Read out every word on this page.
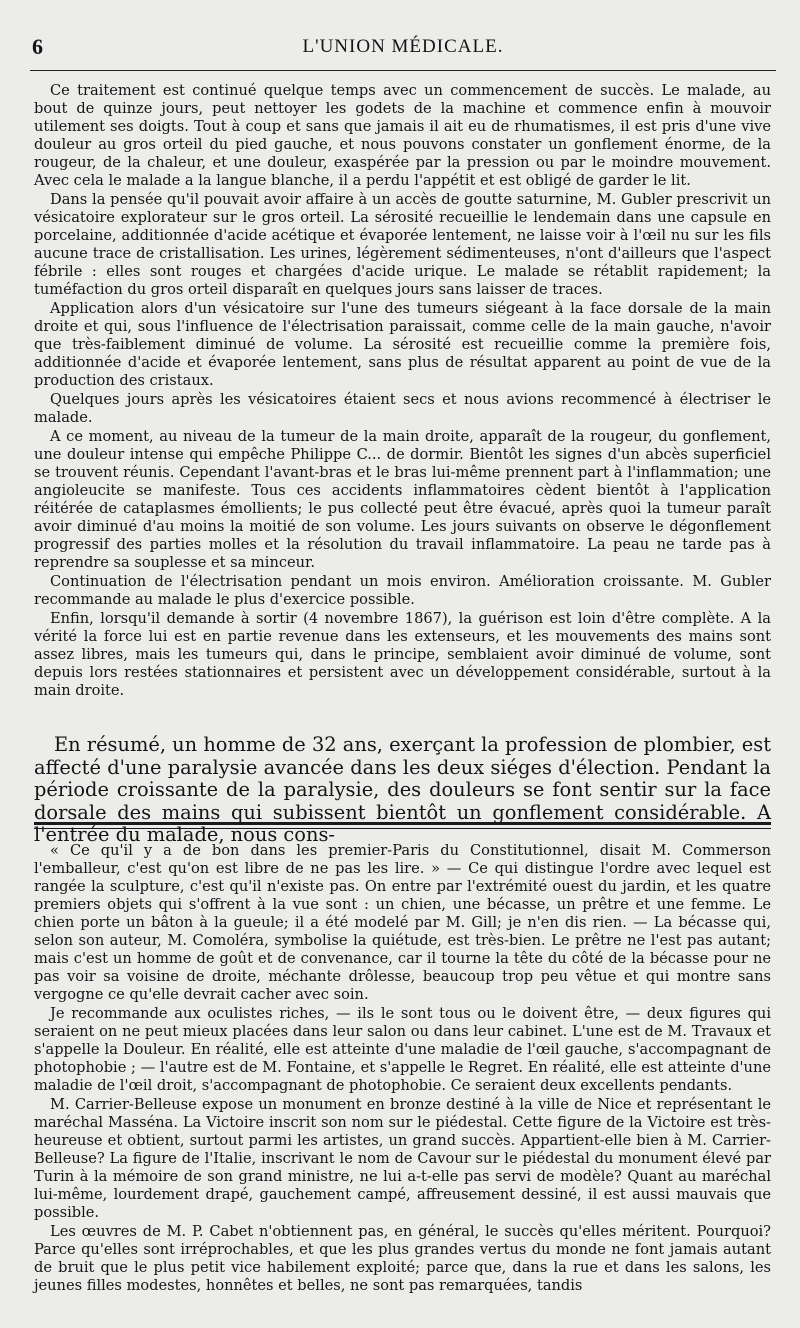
6	L'UNION MÉDICALE.

Ce traitement est continué quelque temps avec un commencement de succès. Le malade, au bout de quinze jours, peut nettoyer les godets de la machine et commence enfin à mouvoir utilement ses doigts. Tout à coup et sans que jamais il ait eu de rhumatismes, il est pris d'une vive douleur au gros orteil du pied gauche, et nous pouvons constater un gonflement énorme, de la rougeur, de la chaleur, et une douleur, exaspérée par la pression ou par le moindre mouvement. Avec cela le malade a la langue blanche, il a perdu l'appétit et est obligé de garder le lit.

Dans la pensée qu'il pouvait avoir affaire à un accès de goutte saturnine, M. Gubler prescrivit un vésicatoire explorateur sur le gros orteil. La sérosité recueillie le lendemain dans une capsule en porcelaine, additionnée d'acide acétique et évaporée lentement, ne laisse voir à l'œil nu sur les fils aucune trace de cristallisation. Les urines, légèrement sédimenteuses, n'ont d'ailleurs que l'aspect fébrile : elles sont rouges et chargées d'acide urique. Le malade se rétablit rapidement; la tuméfaction du gros orteil disparaît en quelques jours sans laisser de traces.

Application alors d'un vésicatoire sur l'une des tumeurs siégeant à la face dorsale de la main droite et qui, sous l'influence de l'électrisation paraissait, comme celle de la main gauche, n'avoir que très-faiblement diminué de volume. La sérosité est recueillie comme la première fois, additionnée d'acide et évaporée lentement, sans plus de résultat apparent au point de vue de la production des cristaux.

Quelques jours après les vésicatoires étaient secs et nous avions recommencé à électriser le malade.

A ce moment, au niveau de la tumeur de la main droite, apparaît de la rougeur, du gonflement, une douleur intense qui empêche Philippe C... de dormir. Bientôt les signes d'un abcès superficiel se trouvent réunis. Cependant l'avant-bras et le bras lui-même prennent part à l'inflammation; une angioleucite se manifeste. Tous ces accidents inflammatoires cèdent bientôt à l'application réitérée de cataplasmes émollients; le pus collecté peut être évacué, après quoi la tumeur paraît avoir diminué d'au moins la moitié de son volume. Les jours suivants on observe le dégonflement progressif des parties molles et la résolution du travail inflammatoire. La peau ne tarde pas à reprendre sa souplesse et sa minceur.

Continuation de l'électrisation pendant un mois environ. Amélioration croissante. M. Gubler recommande au malade le plus d'exercice possible.

Enfin, lorsqu'il demande à sortir (4 novembre 1867), la guérison est loin d'être complète. A la vérité la force lui est en partie revenue dans les extenseurs, et les mouvements des mains sont assez libres, mais les tumeurs qui, dans le principe, semblaient avoir diminué de volume, sont depuis lors restées stationnaires et persistent avec un développement considérable, surtout à la main droite.

En résumé, un homme de 32 ans, exerçant la profession de plombier, est affecté d'une paralysie avancée dans les deux siéges d'élection. Pendant la période croissante de la paralysie, des douleurs se font sentir sur la face dorsale des mains qui subissent bientôt un gonflement considérable. A l'entrée du malade, nous cons-

« Ce qu'il y a de bon dans les premier-Paris du Constitutionnel, disait M. Commerson l'emballeur, c'est qu'on est libre de ne pas les lire. » — Ce qui distingue l'ordre avec lequel est rangée la sculpture, c'est qu'il n'existe pas. On entre par l'extrémité ouest du jardin, et les quatre premiers objets qui s'offrent à la vue sont : un chien, une bécasse, un prêtre et une femme. Le chien porte un bâton à la gueule; il a été modelé par M. Gill; je n'en dis rien. — La bécasse qui, selon son auteur, M. Comoléra, symbolise la quiétude, est très-bien. Le prêtre ne l'est pas autant; mais c'est un homme de goût et de convenance, car il tourne la tête du côté de la bécasse pour ne pas voir sa voisine de droite, méchante drôlesse, beaucoup trop peu vêtue et qui montre sans vergogne ce qu'elle devrait cacher avec soin.

Je recommande aux oculistes riches, — ils le sont tous ou le doivent être, — deux figures qui seraient on ne peut mieux placées dans leur salon ou dans leur cabinet. L'une est de M. Travaux et s'appelle la Douleur. En réalité, elle est atteinte d'une maladie de l'œil gauche, s'accompagnant de photophobie ; — l'autre est de M. Fontaine, et s'appelle le Regret. En réalité, elle est atteinte d'une maladie de l'œil droit, s'accompagnant de photophobie. Ce seraient deux excellents pendants.

M. Carrier-Belleuse expose un monument en bronze destiné à la ville de Nice et représentant le maréchal Masséna. La Victoire inscrit son nom sur le piédestal. Cette figure de la Victoire est très-heureuse et obtient, surtout parmi les artistes, un grand succès. Appartient-elle bien à M. Carrier-Belleuse? La figure de l'Italie, inscrivant le nom de Cavour sur le piédestal du monument élevé par Turin à la mémoire de son grand ministre, ne lui a-t-elle pas servi de modèle? Quant au maréchal lui-même, lourdement drapé, gauchement campé, affreusement dessiné, il est aussi mauvais que possible.

Les œuvres de M. P. Cabet n'obtiennent pas, en général, le succès qu'elles méritent. Pourquoi? Parce qu'elles sont irréprochables, et que les plus grandes vertus du monde ne font jamais autant de bruit que le plus petit vice habilement exploité; parce que, dans la rue et dans les salons, les jeunes filles modestes, honnêtes et belles, ne sont pas remarquées, tandis
